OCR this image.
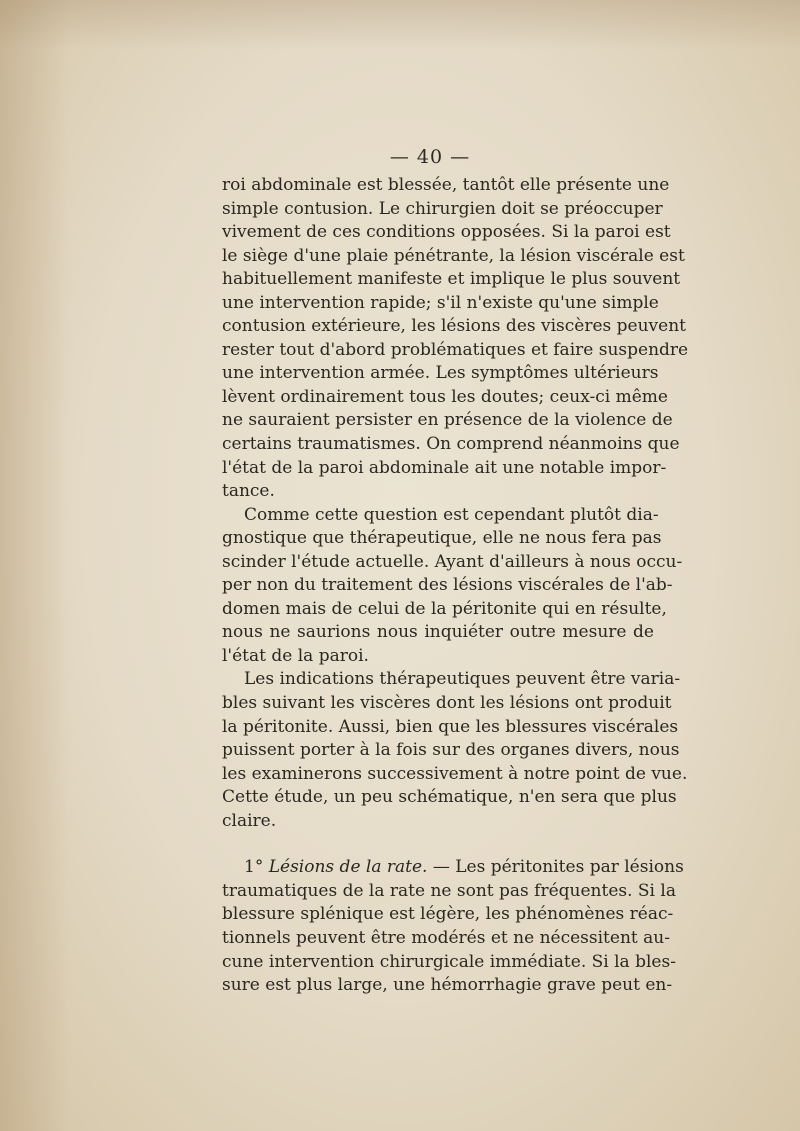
— 40 —
roi abdominale est blessée, tantôt elle présente une
simple contusion. Le chirurgien doit se préoccuper
vivement de ces conditions opposées. Si la paroi est
le siège d'une plaie pénétrante, la lésion viscérale est
habituellement manifeste et implique le plus souvent
une intervention rapide; s'il n'existe qu'une simple
contusion extérieure, les lésions des viscères peuvent
rester tout d'abord problématiques et faire suspendre
une intervention armée. Les symptômes ultérieurs
lèvent ordinairement tous les doutes; ceux-ci même
ne sauraient persister en présence de la violence de
certains traumatismes. On comprend néanmoins que
l'état de la paroi abdominale ait une notable impor-
tance.
Comme cette question est cependant plutôt dia-
gnostique que thérapeutique, elle ne nous fera pas
scinder l'étude actuelle. Ayant d'ailleurs à nous occu-
per non du traitement des lésions viscérales de l'ab-
domen mais de celui de la péritonite qui en résulte,
nous ne saurions nous inquiéter outre mesure de
l'état de la paroi.
Les indications thérapeutiques peuvent être varia-
bles suivant les viscères dont les lésions ont produit
la péritonite. Aussi, bien que les blessures viscérales
puissent porter à la fois sur des organes divers, nous
les examinerons successivement à notre point de vue.
Cette étude, un peu schématique, n'en sera que plus
claire.
1° Lésions de la rate. — Les péritonites par lésions
traumatiques de la rate ne sont pas fréquentes. Si la
blessure splénique est légère, les phénomènes réac-
tionnels peuvent être modérés et ne nécessitent au-
cune intervention chirurgicale immédiate. Si la bles-
sure est plus large, une hémorrhagie grave peut en-
